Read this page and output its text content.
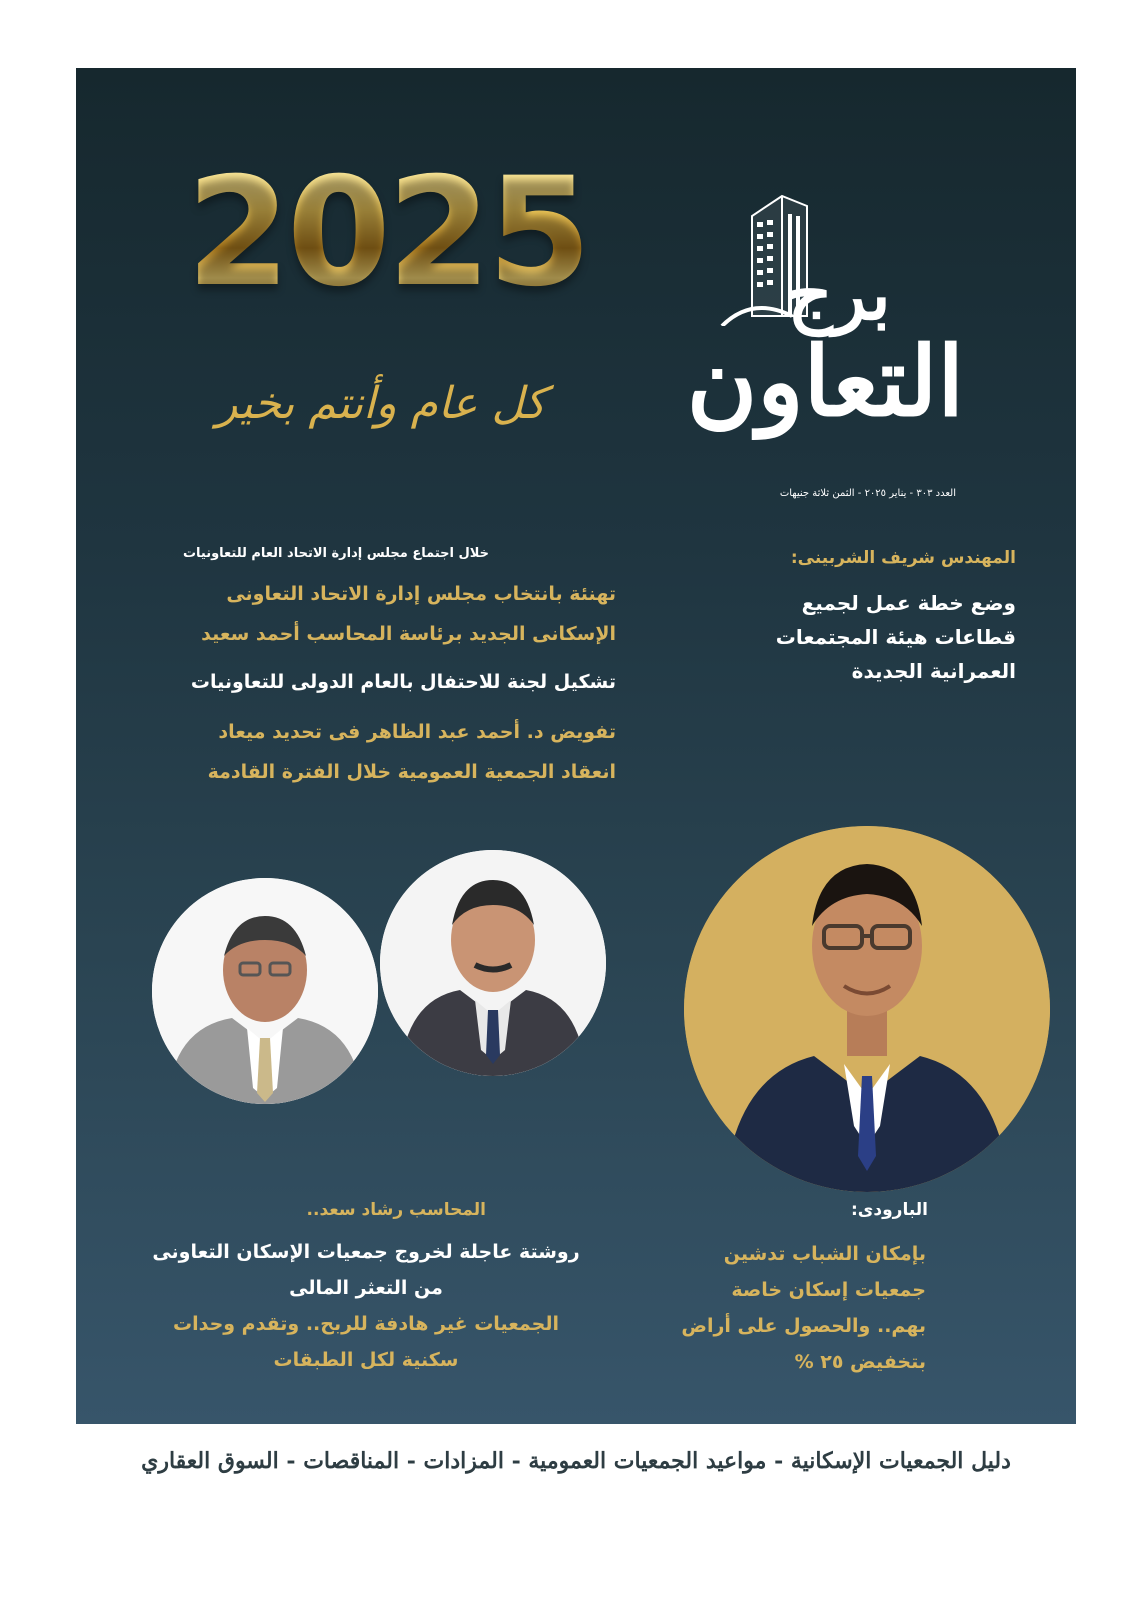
2025
كل عام وأنتم بخير
برج
التعاون
العدد ٣٠٣ - يناير ٢٠٢٥ - الثمن ثلاثة جنيهات
المهندس شريف الشربينى:
وضع خطة عمل لجميع
قطاعات هيئة المجتمعات
العمرانية الجديدة
خلال اجتماع مجلس إدارة الاتحاد العام للتعاونيات
تهنئة بانتخاب مجلس إدارة الاتحاد التعاونى
الإسكانى الجديد برئاسة المحاسب أحمد سعيد
تشكيل لجنة للاحتفال بالعام الدولى للتعاونيات
تفويض د. أحمد عبد الظاهر فى تحديد ميعاد
انعقاد الجمعية العمومية خلال الفترة القادمة
المحاسب رشاد سعد..
روشتة عاجلة لخروج جمعيات الإسكان التعاونى
من التعثر المالى
الجمعيات غير هادفة للربح.. وتقدم وحدات
سكنية لكل الطبقات
البارودى:
بإمكان الشباب تدشين
جمعيات إسكان خاصة
بهم.. والحصول على أراض
بتخفيض ٢٥ %
دليل الجمعيات الإسكانية - مواعيد الجمعيات العمومية - المزادات - المناقصات - السوق العقاري
